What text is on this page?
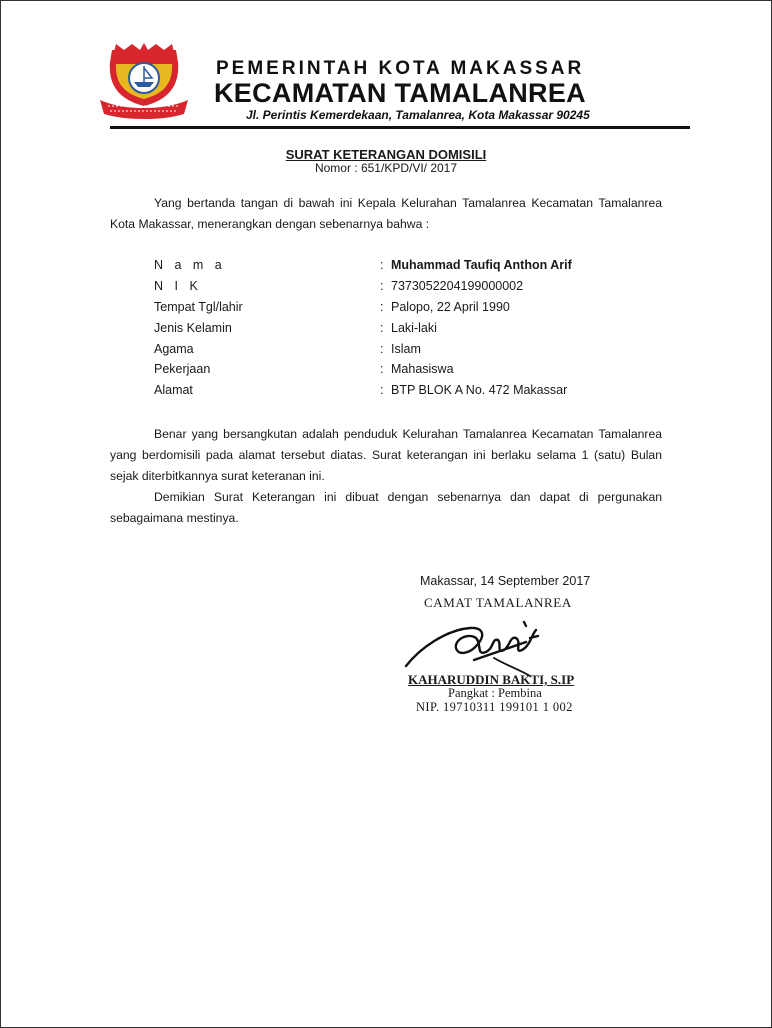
PEMERINTAH KOTA MAKASSAR
KECAMATAN TAMALANREA
Jl. Perintis Kemerdekaan, Tamalanrea, Kota Makassar 90245
SURAT KETERANGAN DOMISILI
Nomor : 651/KPD/VI/ 2017
Yang bertanda tangan di bawah ini Kepala Kelurahan Tamalanrea Kecamatan Tamalanrea Kota Makassar, menerangkan dengan sebenarnya bahwa :
N a m a	: Muhammad Taufiq Anthon Arif
N I K	: 7373052204199000002
Tempat Tgl/lahir	: Palopo, 22 April 1990
Jenis Kelamin	: Laki-laki
Agama	: Islam
Pekerjaan	: Mahasiswa
Alamat	: BTP BLOK A No. 472 Makassar
Benar yang bersangkutan adalah penduduk Kelurahan Tamalanrea Kecamatan Tamalanrea yang berdomisili pada alamat tersebut diatas. Surat keterangan ini berlaku selama 1 (satu) Bulan sejak diterbitkannya surat keteranan ini.
Demikian Surat Keterangan ini dibuat dengan sebenarnya dan dapat di pergunakan sebagaimana mestinya.
Makassar, 14 September 2017
CAMAT TAMALANREA
KAHARUDDIN BAKTI, S.IP
Pangkat : Pembina
NIP. 19710311 199101 1 002
